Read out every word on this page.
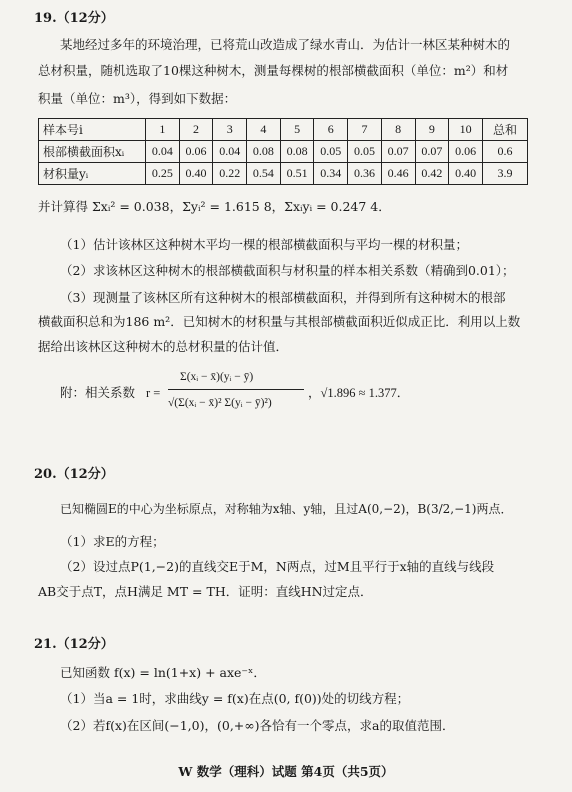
19.（12分）
某地经过多年的环境治理，已将荒山改造成了绿水青山．为估计一林区某种树木的
总材积量，随机选取了10棵这种树木，测量每棵树的根部横截面积（单位：m²）和材
积量（单位：m³），得到如下数据：
样本号i	1	2	3	4	5	6	7	8	9	10	总和
根部横截面积xᵢ	0.04	0.06	0.04	0.08	0.08	0.05	0.05	0.07	0.07	0.06	0.6
材积量yᵢ	0.25	0.40	0.22	0.54	0.51	0.34	0.36	0.46	0.42	0.40	3.9
并计算得 Σxᵢ² = 0.038，Σyᵢ² = 1.615 8，Σxᵢyᵢ = 0.247 4．
（1）估计该林区这种树木平均一棵的根部横截面积与平均一棵的材积量；
（2）求该林区这种树木的根部横截面积与材积量的样本相关系数（精确到0.01）；
（3）现测量了该林区所有这种树木的根部横截面积，并得到所有这种树木的根部
横截面积总和为186 m²．已知树木的材积量与其根部横截面积近似成正比．利用以上数
据给出该林区这种树木的总材积量的估计值．
附：相关系数 r =
Σ(xᵢ − x̄)(yᵢ − ȳ)
√(Σ(xᵢ − x̄)² Σ(yᵢ − ȳ)²)
，√1.896 ≈ 1.377．
20.（12分）
已知椭圆E的中心为坐标原点，对称轴为x轴、y轴，且过A(0,−2)，B(3/2,−1)两点．
（1）求E的方程；
（2）设过点P(1,−2)的直线交E于M，N两点，过M且平行于x轴的直线与线段
AB交于点T，点H满足 MT = TH．证明：直线HN过定点．
21.（12分）
已知函数 f(x) = ln(1+x) + axe⁻ˣ．
（1）当a = 1时，求曲线y = f(x)在点(0, f(0))处的切线方程；
（2）若f(x)在区间(−1,0)，(0,+∞)各恰有一个零点，求a的取值范围．
W 数学（理科）试题 第4页（共5页）
